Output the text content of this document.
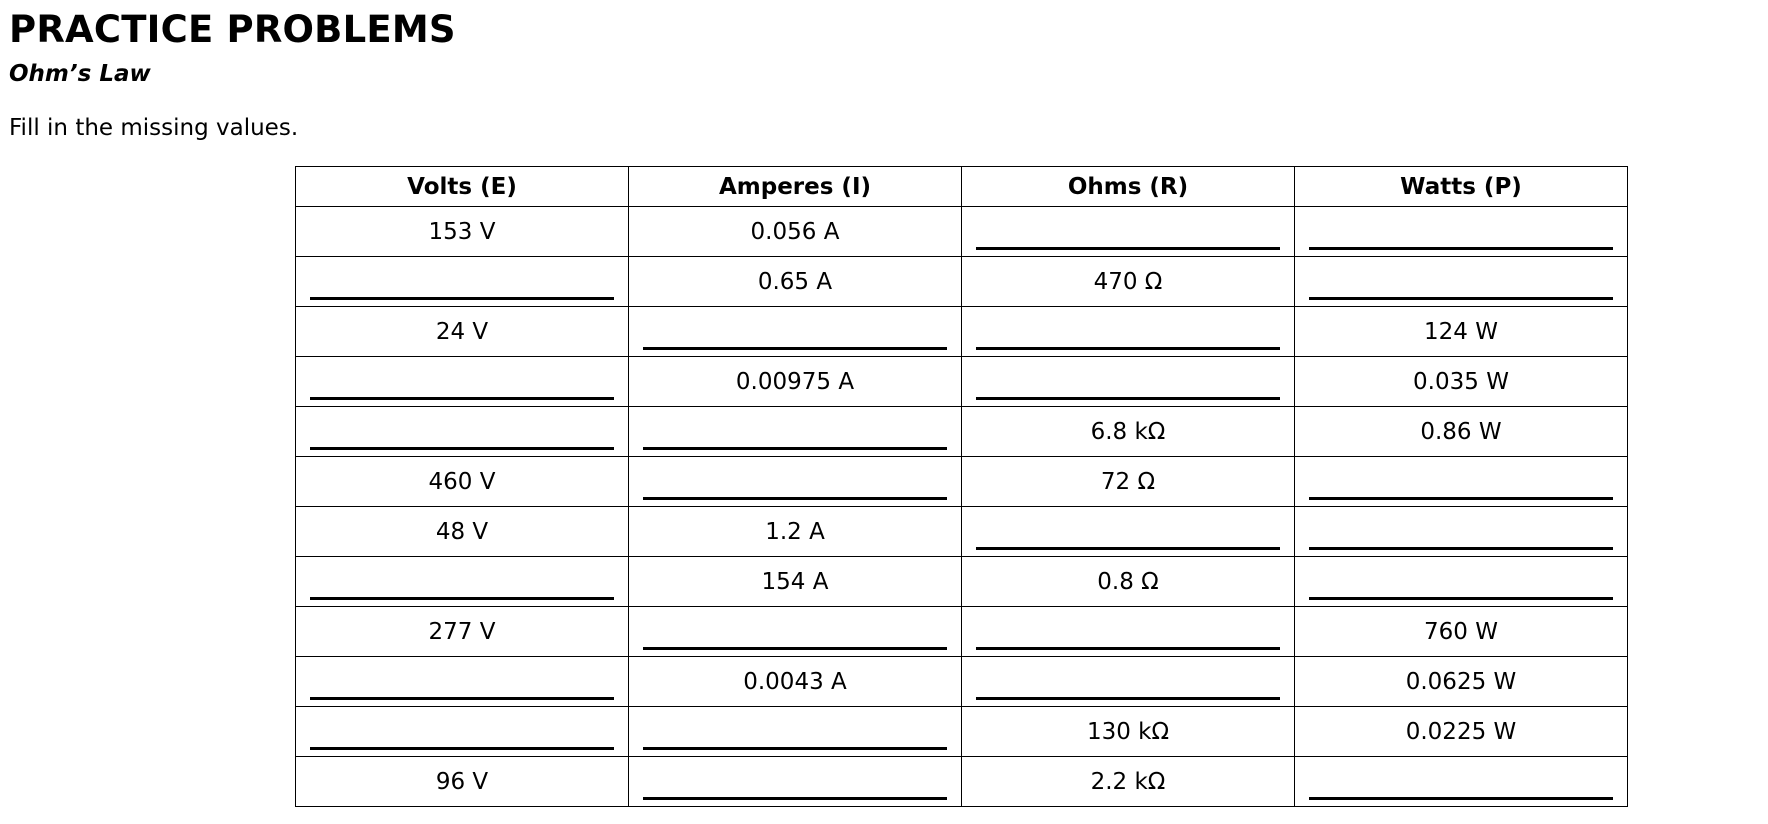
PRACTICE PROBLEMS
Ohm’s Law

Fill in the missing values.

Volts (E)	Amperes (I)	Ohms (R)	Watts (P)

153 V	0.056 A		

	0.65 A	470 Ω	

24 V			124 W

	0.00975 A		0.035 W

		6.8 kΩ	0.86 W

460 V		72 Ω	

48 V	1.2 A		

	154 A	0.8 Ω	

277 V			760 W

	0.0043 A		0.0625 W

		130 kΩ	0.0225 W

96 V		2.2 kΩ	
